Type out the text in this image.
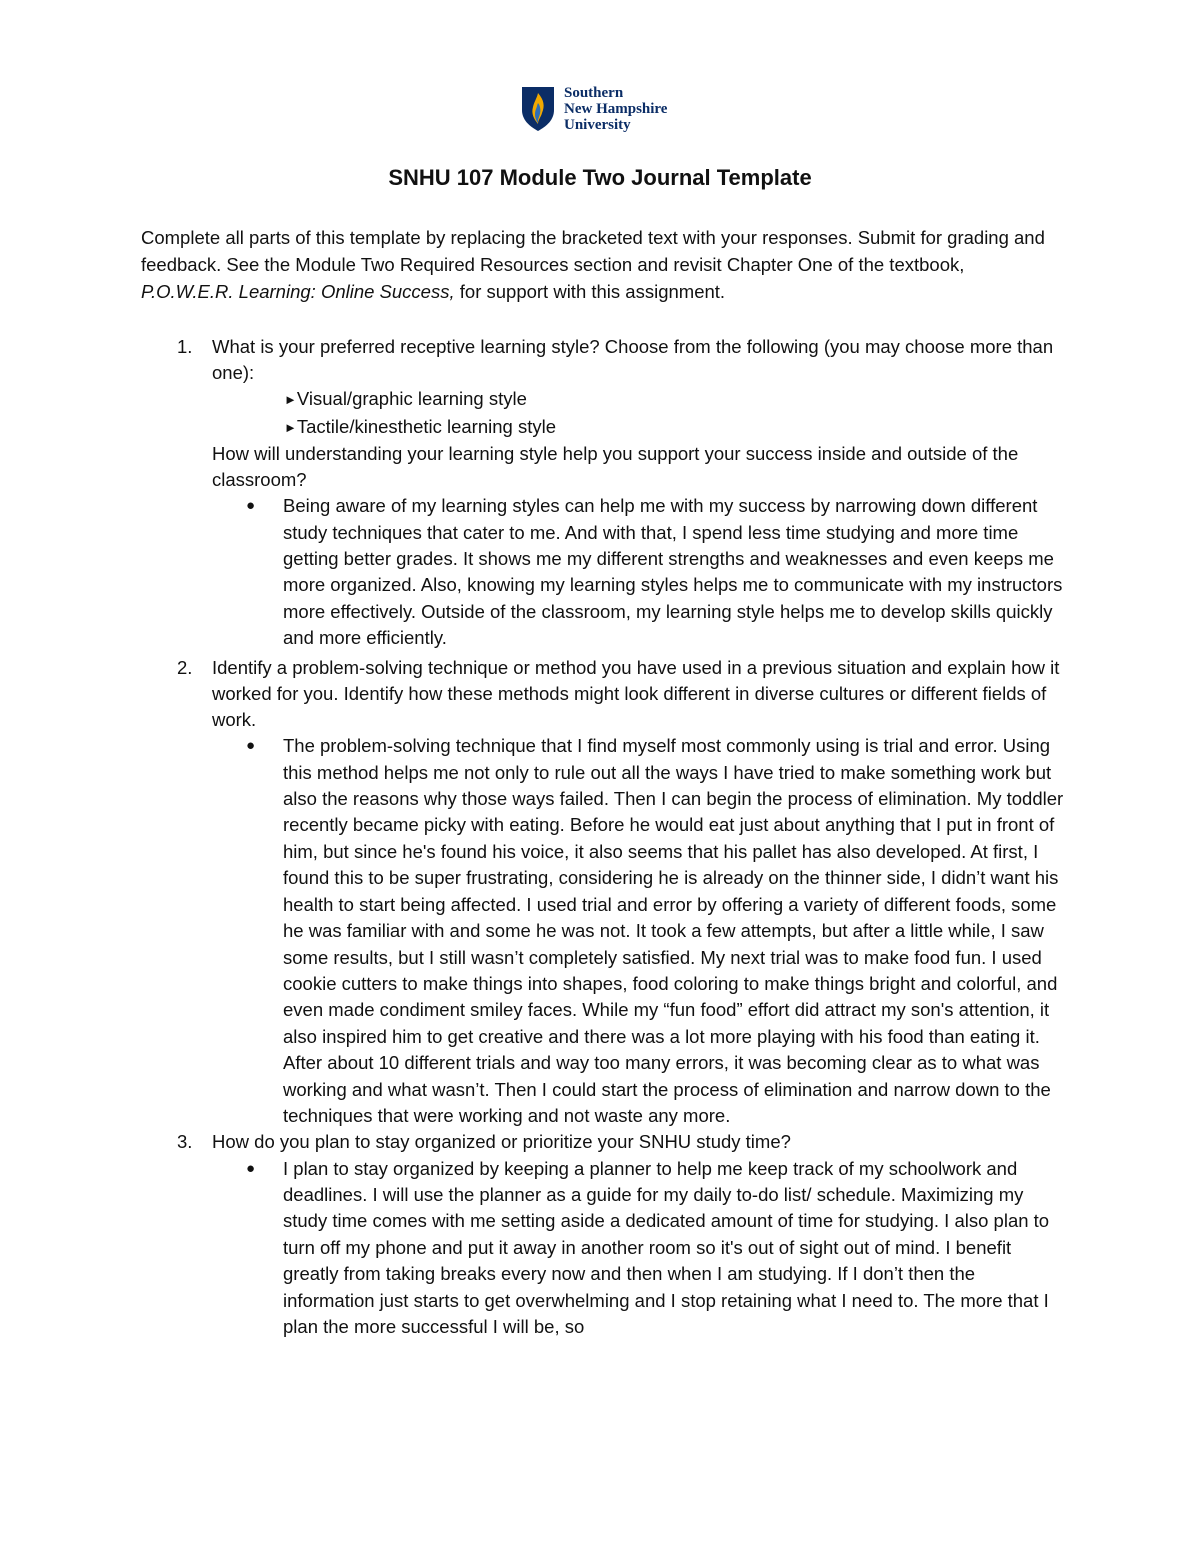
Southern
New Hampshire
University
SNHU 107 Module Two Journal Template

Complete all parts of this template by replacing the bracketed text with your responses. Submit for grading and feedback. See the Module Two Required Resources section and revisit Chapter One of the textbook, P.O.W.E.R. Learning: Online Success, for support with this assignment.

1. What is your preferred receptive learning style? Choose from the following (you may choose more than one):
►Visual/graphic learning style
►Tactile/kinesthetic learning style
How will understanding your learning style help you support your success inside and outside of the classroom?
● Being aware of my learning styles can help me with my success by narrowing down different study techniques that cater to me. And with that, I spend less time studying and more time getting better grades. It shows me my different strengths and weaknesses and even keeps me more organized. Also, knowing my learning styles helps me to communicate with my instructors more effectively. Outside of the classroom, my learning style helps me to develop skills quickly and more efficiently.
2. Identify a problem-solving technique or method you have used in a previous situation and explain how it worked for you. Identify how these methods might look different in diverse cultures or different fields of work.
● The problem-solving technique that I find myself most commonly using is trial and error. Using this method helps me not only to rule out all the ways I have tried to make something work but also the reasons why those ways failed. Then I can begin the process of elimination. My toddler recently became picky with eating. Before he would eat just about anything that I put in front of him, but since he's found his voice, it also seems that his pallet has also developed. At first, I found this to be super frustrating, considering he is already on the thinner side, I didn’t want his health to start being affected. I used trial and error by offering a variety of different foods, some he was familiar with and some he was not. It took a few attempts, but after a little while, I saw some results, but I still wasn’t completely satisfied. My next trial was to make food fun. I used cookie cutters to make things into shapes, food coloring to make things bright and colorful, and even made condiment smiley faces. While my “fun food” effort did attract my son's attention, it also inspired him to get creative and there was a lot more playing with his food than eating it. After about 10 different trials and way too many errors, it was becoming clear as to what was working and what wasn’t. Then I could start the process of elimination and narrow down to the techniques that were working and not waste any more.
3. How do you plan to stay organized or prioritize your SNHU study time?
● I plan to stay organized by keeping a planner to help me keep track of my schoolwork and deadlines. I will use the planner as a guide for my daily to-do list/ schedule. Maximizing my study time comes with me setting aside a dedicated amount of time for studying. I also plan to turn off my phone and put it away in another room so it's out of sight out of mind. I benefit greatly from taking breaks every now and then when I am studying. If I don’t then the information just starts to get overwhelming and I stop retaining what I need to. The more that I plan the more successful I will be, so
